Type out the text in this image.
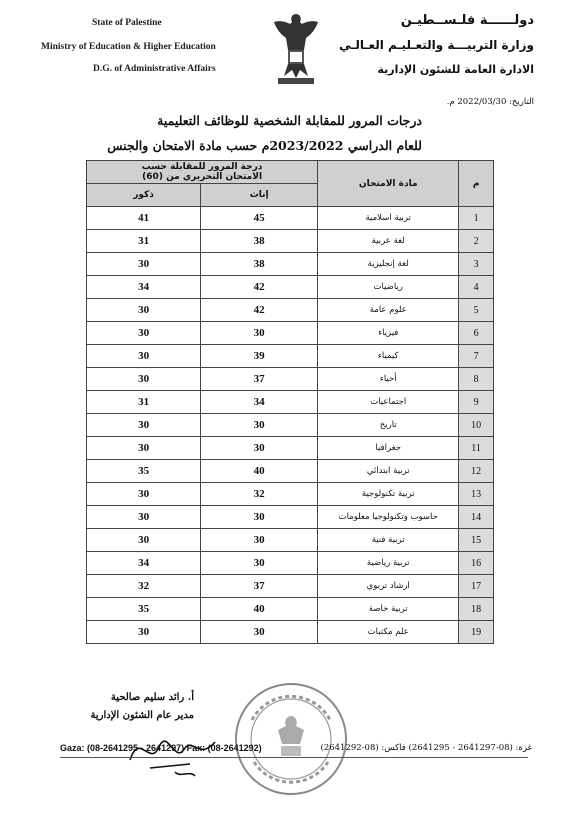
State of Palestine
Ministry of Education & Higher Education
D.G. of Administrative Affairs
دولــــــة فلـســطيـن
وزارة التربيـــة والتعـليـم العـالـي
الادارة العامة للشئون الإدارية
التاريخ: 2022/03/30 م.
درجات المرور للمقابلة الشخصية للوظائف التعليمية
للعام الدراسي 2023/2022م حسب مادة الامتحان والجنس
م	مادة الامتحان	درجة المرور للمقابلة حسب
الامتحان التحريري من (60)	

		إناث	ذكور
1	تربية اسلامية	45	41
2	لغة عربية	38	31
3	لغة إنجليزية	38	30
4	رياضيات	42	34
5	علوم عامة	42	30
6	فيزياء	30	30
7	كيمياء	39	30
8	أحياء	37	30
9	اجتماعيات	34	31
10	تاريخ	30	30
11	جغرافيا	30	30
12	تربية ابتدائي	40	35
13	تربية تكنولوجية	32	30
14	حاسوب وتكنولوجيا معلومات	30	30
15	تربية فنية	30	30
16	تربية رياضية	30	34
17	ارشاد تربوي	37	32
18	تربية خاصة	40	35
19	علم مكتبات	30	30
أ. رائد سليم صالحية
مدير عام الشئون الإدارية
Gaza: (08-2641295 - 2641297) Fax: (08-2641292)	غزة: (08-2641297 - 2641295) فاكس: (08-2641292)
